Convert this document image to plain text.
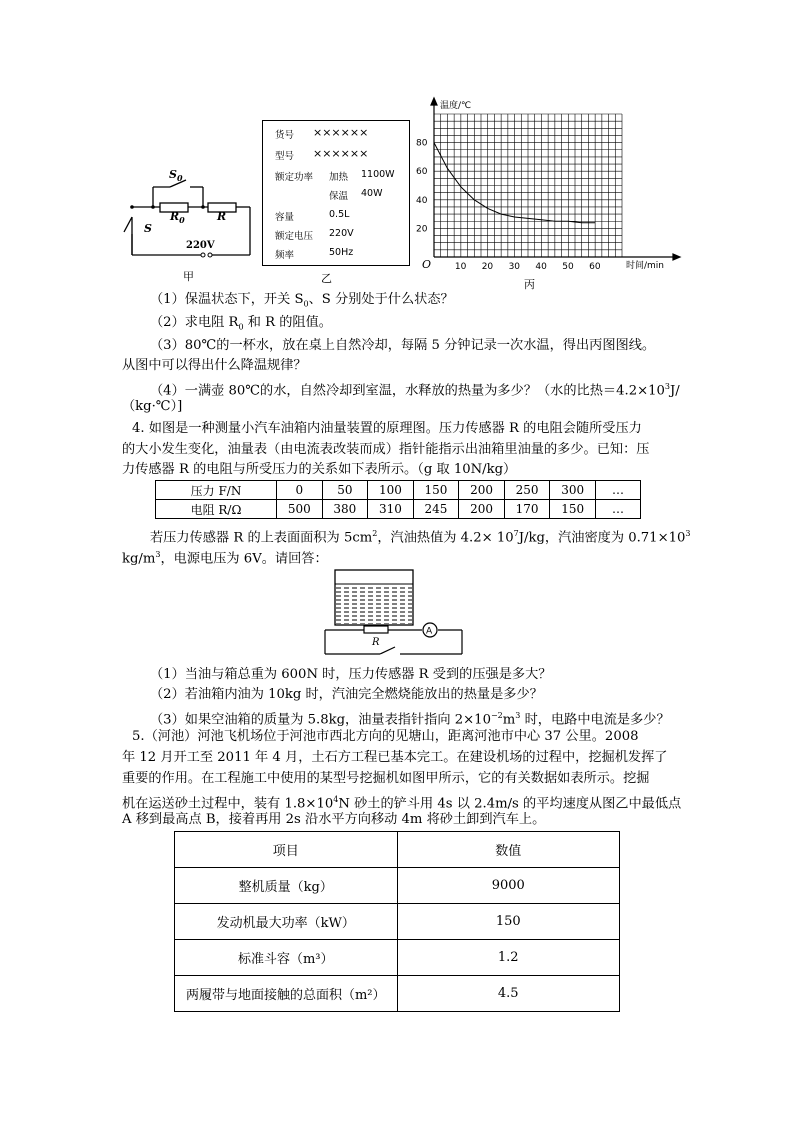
$S_0$
$R_0$	R
S
220V
甲
货号 ××××××
型号 ××××××
额定功率 加热 1100W
保温 40W
容量	0.5L
额定电压 220V
频率	50Hz
乙
80
60
40
20
10 20 30 40 50 60
温度/℃
时间/min
O
丙
（1）保温状态下，开关 $S_0$、S 分别处于什么状态？
（2）求电阻 $R_0$ 和 R 的阻值。
（3）80℃的一杯水，放在桌上自然冷却，每隔 5 分钟记录一次水温，得出丙图图线。
从图中可以得出什么降温规律？
（4）一满壶 80℃的水，自然冷却到室温，水释放的热量为多少？（水的比热$=4.2\times 10^3J/$
（kg·℃）]
4. 如图是一种测量小汽车油箱内油量装置的原理图。压力传感器 R 的电阻会随所受压力
的大小发生变化，油量表（由电流表改装而成）指针能指示出油箱里油量的多少。已知：压
力传感器 R 的电阻与所受压力的关系如下表所示。（g 取 10N/kg）
压力 F/N	0	50	100	150	200	250	300	…
电阻 R/Ω	500	380	310	245	200	170	150	…
若压力传感器 R 的上表面面积为 $5cm^2$，汽油热值为 $4.2\times 10^7J/kg$，汽油密度为 $0.71\times 10^3$
$kg/m^3$，电源电压为 6V。请回答：
A
R
（1）当油与箱总重为 600N 时，压力传感器 R 受到的压强是多大？
（2）若油箱内油为 10kg 时，汽油完全燃烧能放出的热量是多少？
（3）如果空油箱的质量为 5.8kg，油量表指针指向 $2\times 10^{-2}m^3$ 时，电路中电流是多少？
5.（河池）河池飞机场位于河池市西北方向的见塘山，距离河池市中心 37 公里。2008
年 12 月开工至 2011 年 4 月，土石方工程已基本完工。在建设机场的过程中，挖掘机发挥了
重要的作用。在工程施工中使用的某型号挖掘机如图甲所示，它的有关数据如表所示。挖掘
机在运送砂土过程中，装有 $1.8\times 10^4N$ 砂土的铲斗用 4s 以 2.4m/s 的平均速度从图乙中最低点
A 移到最高点 B，接着再用 2s 沿水平方向移动 4m 将砂土卸到汽车上。
项目	数值
整机质量（kg）	9000
发动机最大功率（kW）	150
标准斗容（m³）	1.2
两履带与地面接触的总面积（m²）	4.5
